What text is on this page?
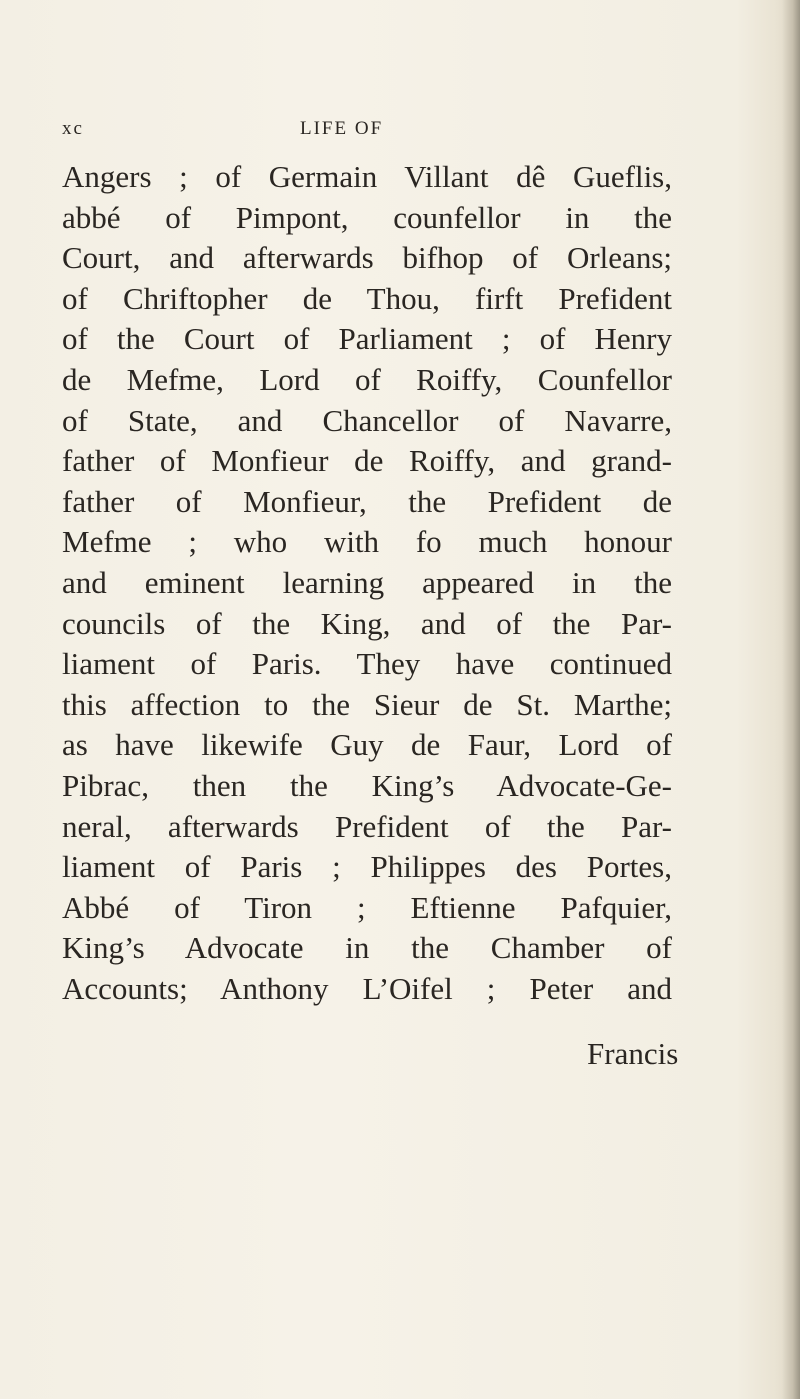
xc	LIFE OF
Angers ; of Germain Villant dê Gueflis,
abbé of Pimpont, counfellor in the
Court, and afterwards bifhop of Orleans;
of Chriftopher de Thou, firft Prefident
of the Court of Parliament ; of Henry
de Mefme, Lord of Roiffy, Counfellor
of State, and Chancellor of Navarre,
father of Monfieur de Roiffy, and grand-
father of Monfieur, the Prefident de
Mefme ; who with fo much honour
and eminent learning appeared in the
councils of the King, and of the Par-
liament of Paris. They have continued
this affection to the Sieur de St. Marthe;
as have likewife Guy de Faur, Lord of
Pibrac, then the King’s Advocate-Ge-
neral, afterwards Prefident of the Par-
liament of Paris ; Philippes des Portes,
Abbé of Tiron ; Eftienne Pafquier,
King’s Advocate in the Chamber of
Accounts; Anthony L’Oifel ; Peter and
Francis
